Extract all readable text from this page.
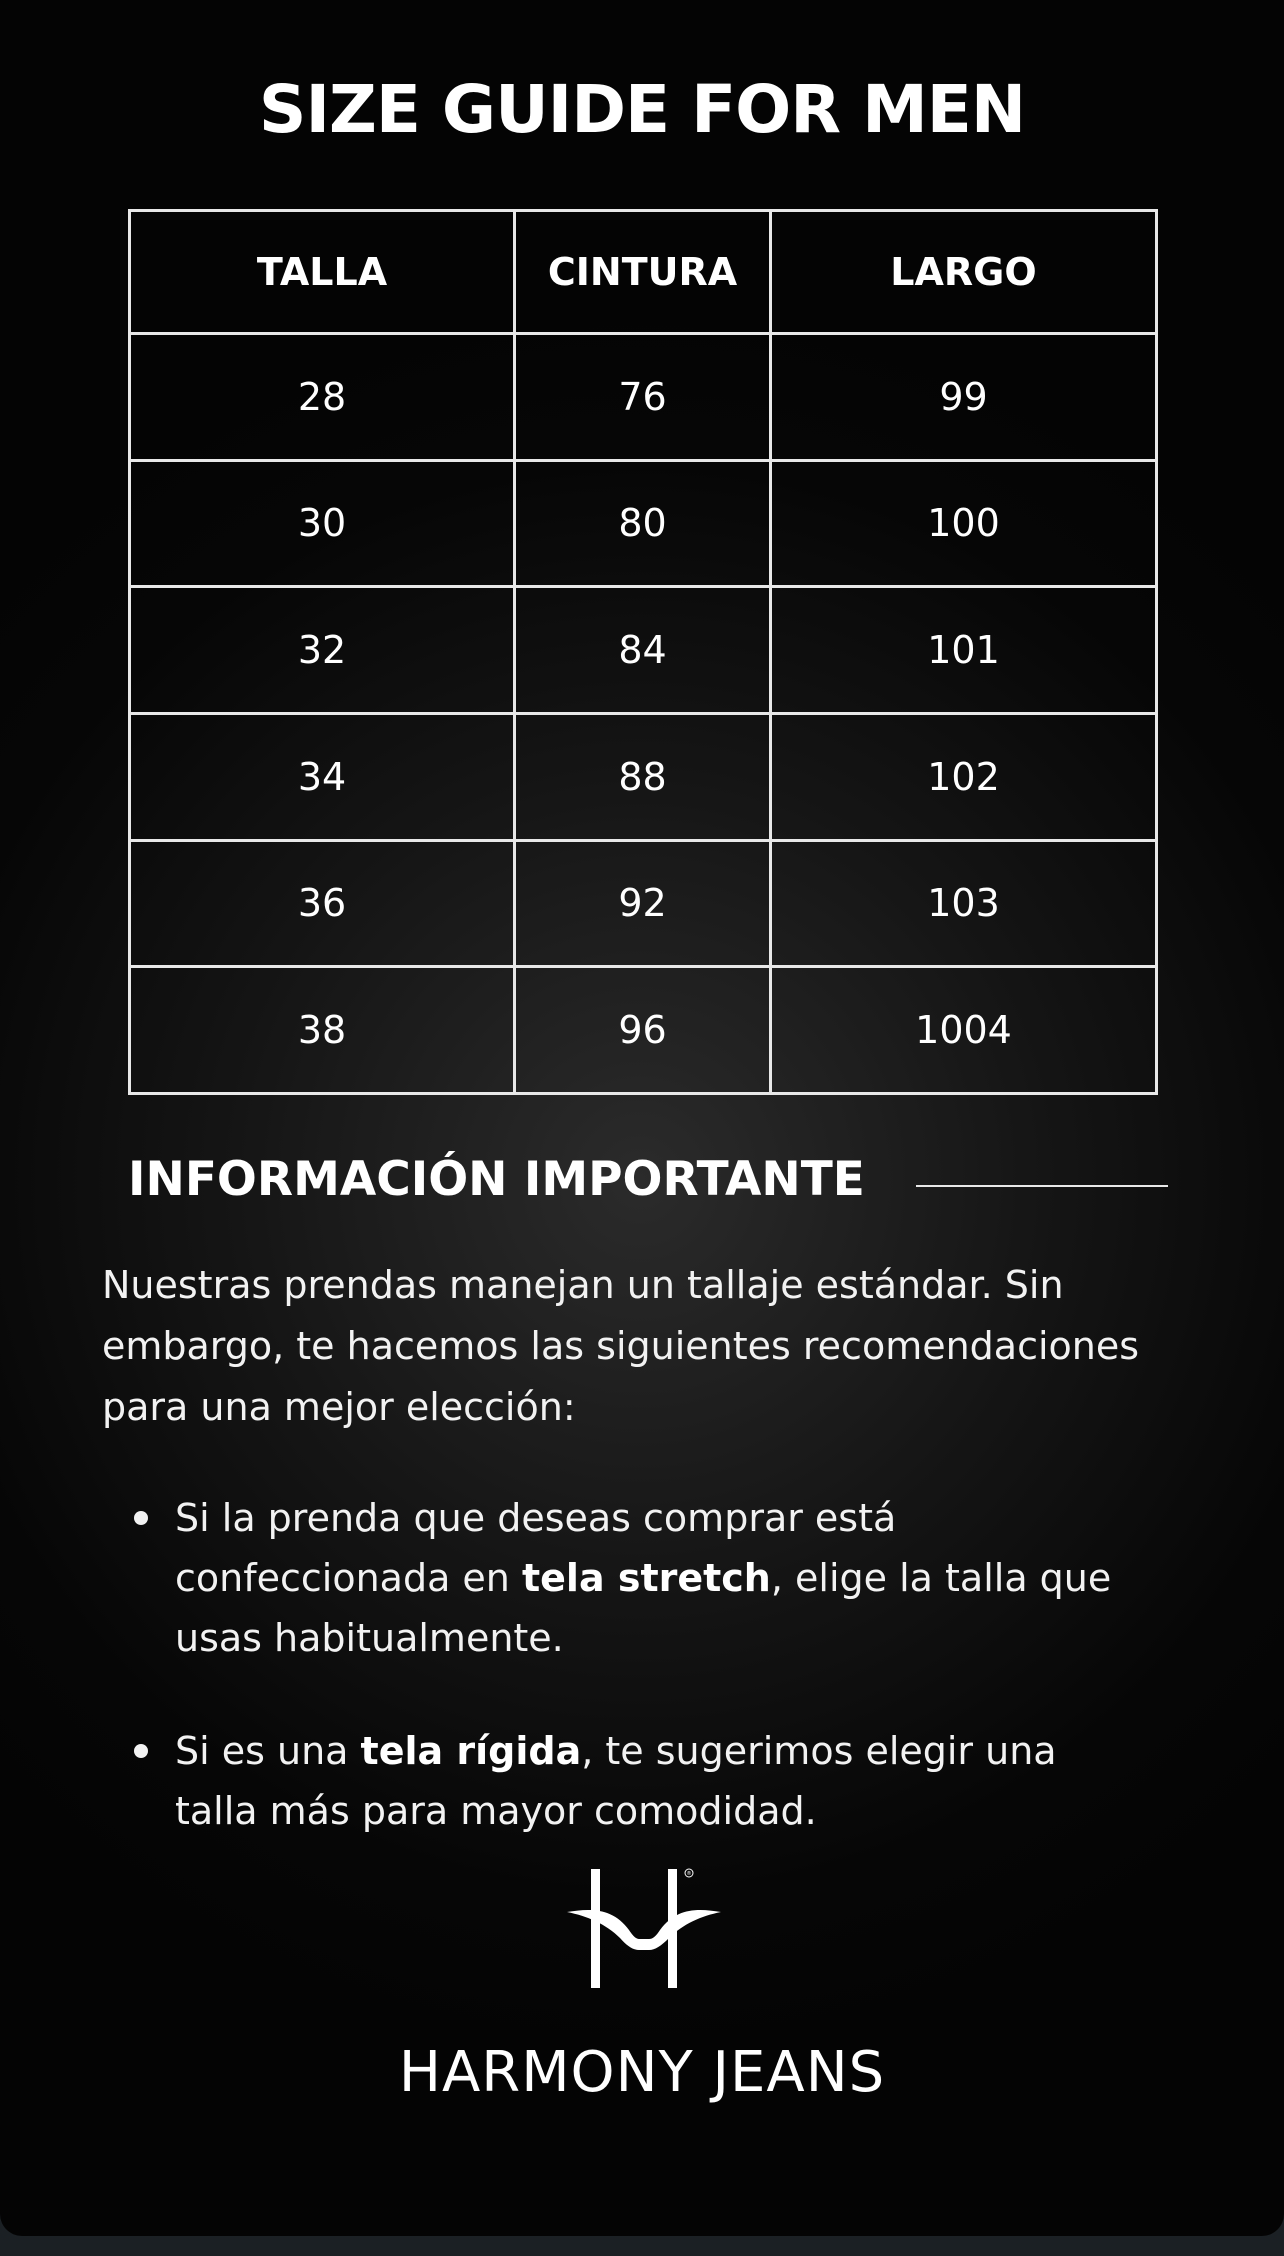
SIZE GUIDE FOR MEN
TALLA	CINTURA	LARGO
28	76	99
30	80	100
32	84	101
34	88	102
36	92	103
38	96	1004
INFORMACIÓN IMPORTANTE

Nuestras prendas manejan un tallaje estándar. Sin embargo, te hacemos las siguientes recomendaciones para una mejor elección:

Si la prenda que deseas comprar está confeccionada en tela stretch, elige la talla que usas habitualmente.
Si es una tela rígida, te sugerimos elegir una talla más para mayor comodidad.
®
HARMONY JEANS
